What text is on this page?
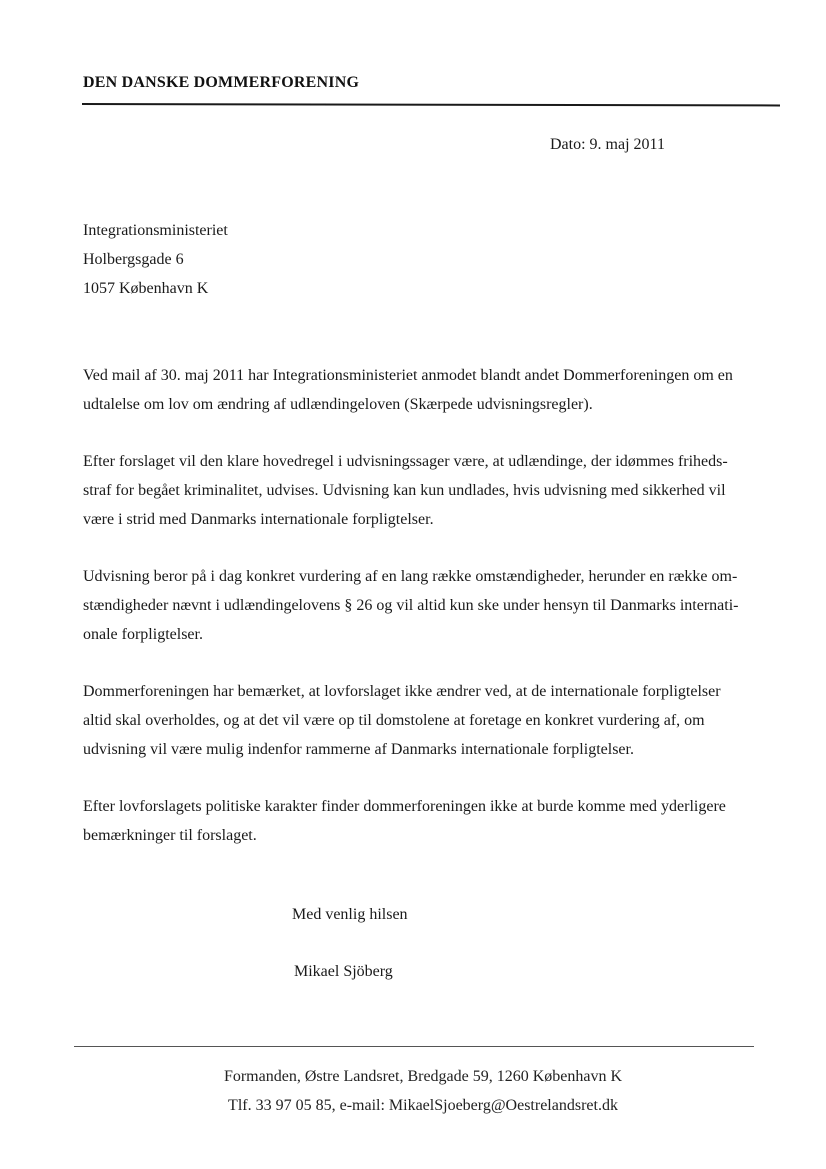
DEN DANSKE DOMMERFORENING
Dato: 9. maj 2011
Integrationsministeriet
Holbergsgade 6
1057 København K
Ved mail af 30. maj 2011 har Integrationsministeriet anmodet blandt andet Dommerforeningen om en
udtalelse om lov om ændring af udlændingeloven (Skærpede udvisningsregler).
Efter forslaget vil den klare hovedregel i udvisningssager være, at udlændinge, der idømmes friheds-
straf for begået kriminalitet, udvises. Udvisning kan kun undlades, hvis udvisning med sikkerhed vil
være i strid med Danmarks internationale forpligtelser.
Udvisning beror på i dag konkret vurdering af en lang række omstændigheder, herunder en række om-
stændigheder nævnt i udlændingelovens § 26 og vil altid kun ske under hensyn til Danmarks internati-
onale forpligtelser.
Dommerforeningen har bemærket, at lovforslaget ikke ændrer ved, at de internationale forpligtelser
altid skal overholdes, og at det vil være op til domstolene at foretage en konkret vurdering af, om
udvisning vil være mulig indenfor rammerne af Danmarks internationale forpligtelser.
Efter lovforslagets politiske karakter finder dommerforeningen ikke at burde komme med yderligere
bemærkninger til forslaget.
Med venlig hilsen
Mikael Sjöberg
Formanden, Østre Landsret, Bredgade 59, 1260 København K
Tlf. 33 97 05 85, e-mail: MikaelSjoeberg@Oestrelandsret.dk
